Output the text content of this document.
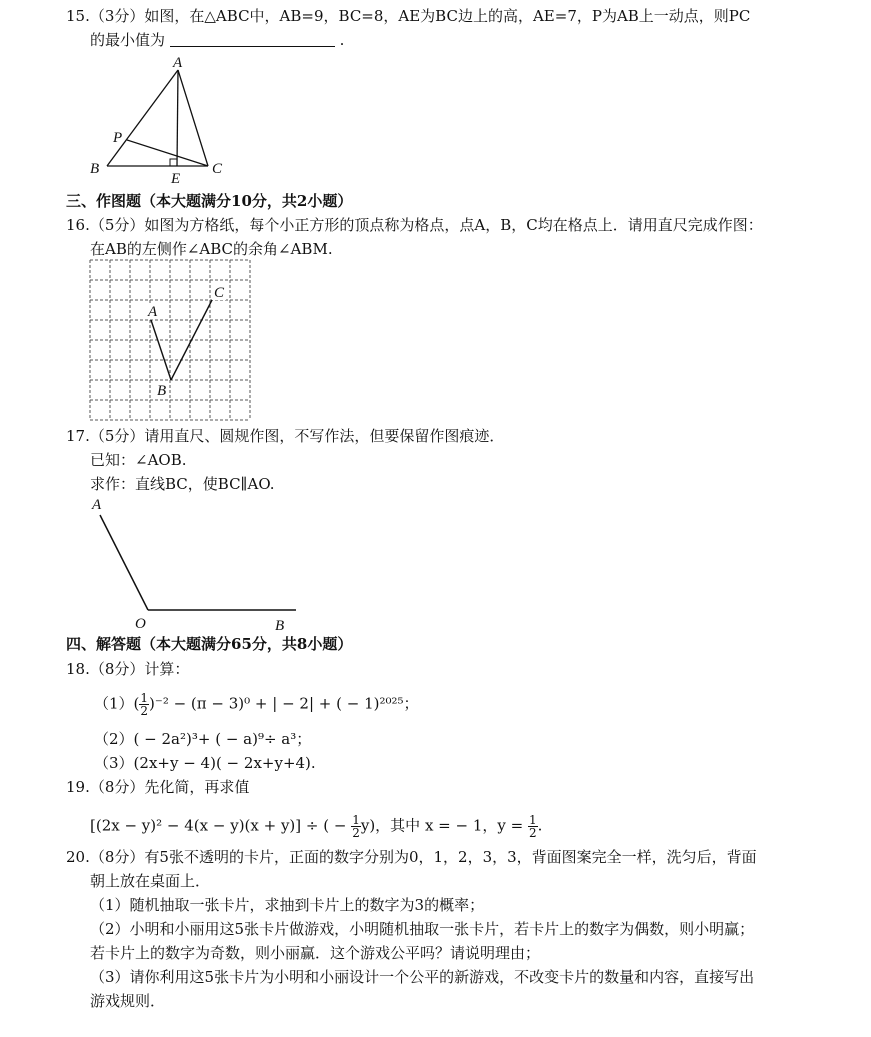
15.（3分）如图，在△ABC中，AB=9，BC=8，AE为BC边上的高，AE=7，P为AB上一动点，则PC
的最小值为	.
A
B	C
E
P
三、作图题（本大题满分10分，共2小题）
16.（5分）如图为方格纸，每个小正方形的顶点称为格点，点A，B，C均在格点上．请用直尺完成作图：
在AB的左侧作∠ABC的余角∠ABM.
A
C
B
17.（5分）请用直尺、圆规作图，不写作法，但要保留作图痕迹．
已知：∠AOB.
求作：直线BC，使BC∥AO.
A
O	B
四、解答题（本大题满分65分，共8小题）
18.（8分）计算：
$(1)( \frac{1}{2} )^{-2} - (\pi - 3)^0$ + | − 2| + ( − 1)²⁰²⁵；
（2）( − 2a²)³+ ( − a)⁹÷ a³；
（3）(2x+y − 4)( − 2x+y+4).
19.（8分）先化简，再求值
[(2x − y)² − 4(x − y)(x + y)] ÷ ( − $\frac{1}{2} y$)，其中 x = − 1，$y = \frac{1}{2}$ .
20.（8分）有5张不透明的卡片，正面的数字分别为0，1，2，3，3，背面图案完全一样，洗匀后，背面
朝上放在桌面上．
（1）随机抽取一张卡片，求抽到卡片上的数字为3的概率；
（2）小明和小丽用这5张卡片做游戏，小明随机抽取一张卡片，若卡片上的数字为偶数，则小明赢；
若卡片上的数字为奇数，则小丽赢．这个游戏公平吗？请说明理由；
（3）请你利用这5张卡片为小明和小丽设计一个公平的新游戏，不改变卡片的数量和内容，直接写出
游戏规则．
